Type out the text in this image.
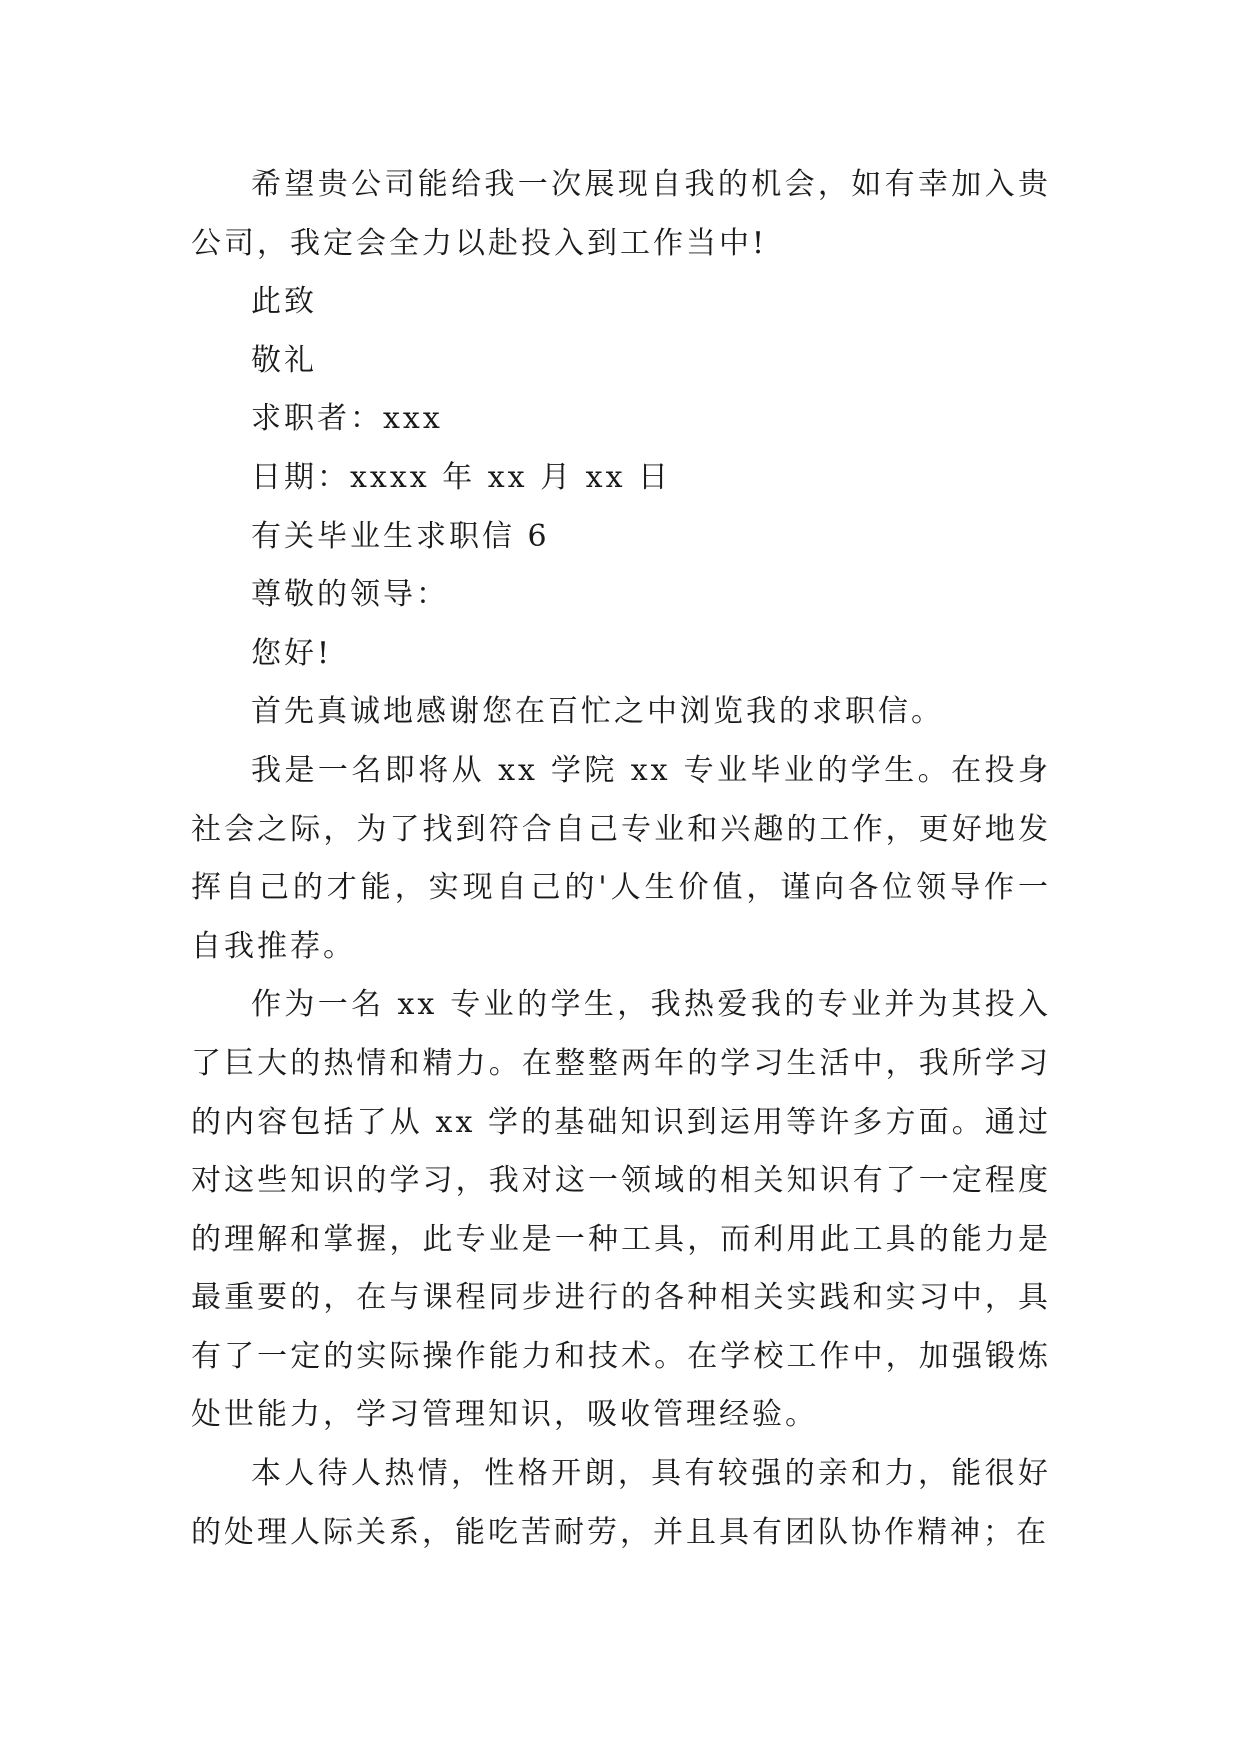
希望贵公司能给我一次展现自我的机会，如有幸加入贵公司，我定会全力以赴投入到工作当中!

此致

敬礼

求职者：xxx

日期：xxxx 年 xx 月 xx 日

有关毕业生求职信 6

尊敬的领导：

您好!

首先真诚地感谢您在百忙之中浏览我的求职信。

我是一名即将从 xx 学院 xx 专业毕业的学生。在投身社会之际，为了找到符合自己专业和兴趣的工作，更好地发挥自己的才能，实现自己的'人生价值，谨向各位领导作一自我推荐。

作为一名 xx 专业的学生，我热爱我的专业并为其投入了巨大的热情和精力。在整整两年的学习生活中，我所学习的内容包括了从 xx 学的基础知识到运用等许多方面。通过对这些知识的学习，我对这一领域的相关知识有了一定程度的理解和掌握，此专业是一种工具，而利用此工具的能力是最重要的，在与课程同步进行的各种相关实践和实习中，具有了一定的实际操作能力和技术。在学校工作中，加强锻炼处世能力，学习管理知识，吸收管理经验。

本人待人热情，性格开朗，具有较强的亲和力，能很好的处理人际关系，能吃苦耐劳，并且具有团队协作精神；在
